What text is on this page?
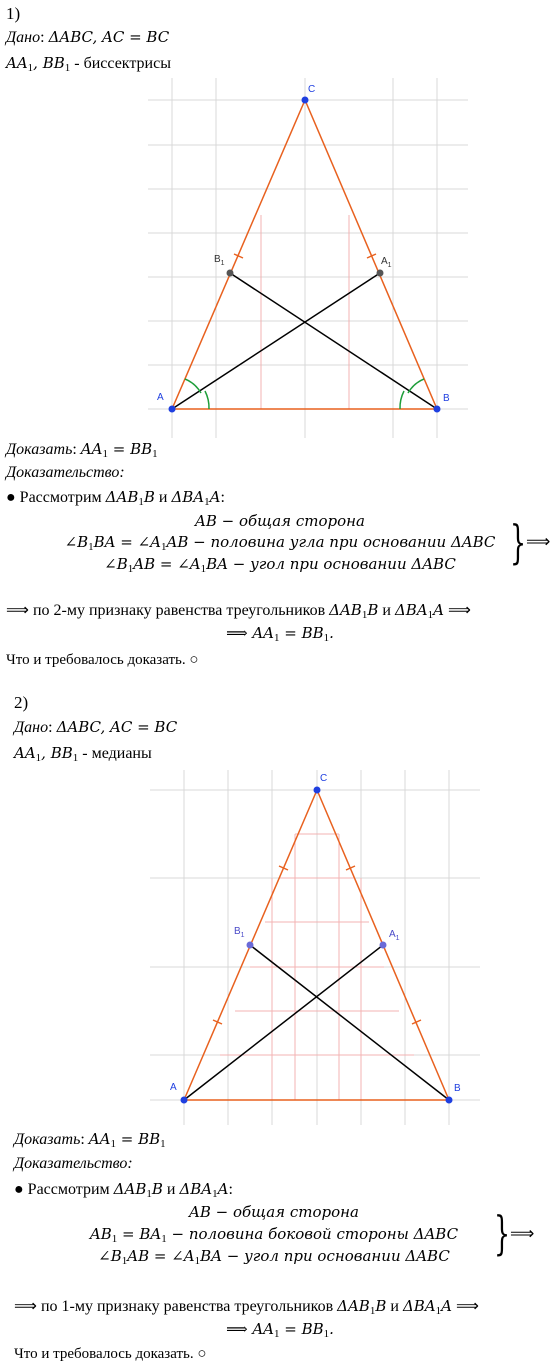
1)
Дано: ΔABC, AC = BC
$AA_1$, $BB_1$ - биссектрисы
A	B
C
$A_1$
$B_1$
Доказать: $AA_1 = BB_1$
Доказательство:
● Рассмотрим $\Delta AB_1B$ и $\Delta BA_1A$:
AB − общая сторона
$\angle B_1BA$ = $\angle A_1AB$ − половина угла при основании ΔABC
$\angle B_1AB$ = $\angle A_1BA$ − угол при основании ΔABC	} ⟹
⟹ по 2-му признаку равенства треугольников $\Delta AB_1B$ и $\Delta BA_1A$ ⟹
⟹ $AA_1 = BB_1$.
Что и требовалось доказать. ○
2)
Дано: ΔABC, AC = BC
$AA_1$, $BB_1$ - медианы
A	B
C
$A_1$
$B_1$
Доказать: $AA_1 = BB_1$
Доказательство:
● Рассмотрим $\Delta AB_1B$ и $\Delta BA_1A$:
AB − общая сторона
$AB_1 = BA_1$ − половина боковой стороны ΔABC
$\angle B_1AB$ = $\angle A_1BA$ − угол при основании ΔABC } ⟹
⟹ по 1-му признаку равенства треугольников $\Delta AB_1B$ и $\Delta BA_1A$ ⟹
⟹ $AA_1 = BB_1$.
Что и требовалось доказать. ○
